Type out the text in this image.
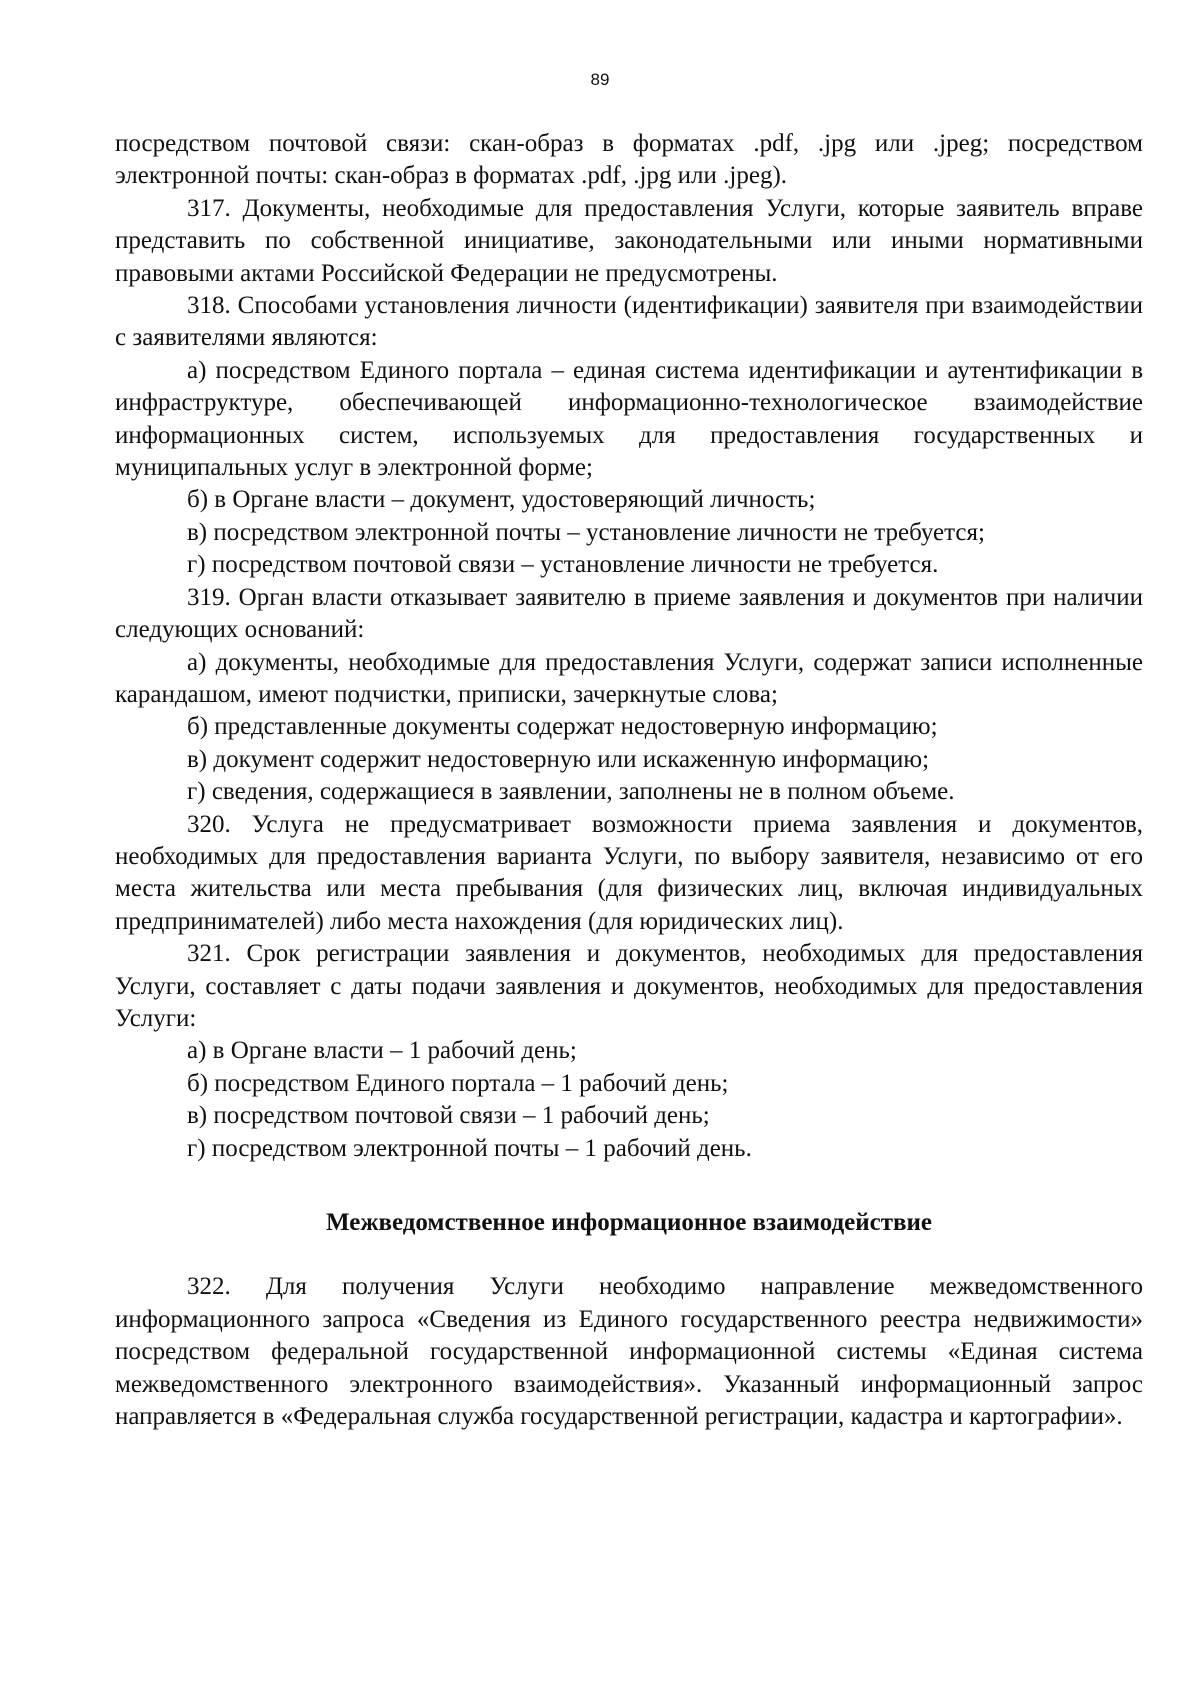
89

посредством почтовой связи: скан-образ в форматах .pdf, .jpg или .jpeg; посредством электронной почты: скан-образ в форматах .pdf, .jpg или .jpeg).

317. Документы, необходимые для предоставления Услуги, которые заявитель вправе представить по собственной инициативе, законодательными или иными нормативными правовыми актами Российской Федерации не предусмотрены.

318. Способами установления личности (идентификации) заявителя при взаимодействии с заявителями являются:

а) посредством Единого портала – единая система идентификации и аутентификации в инфраструктуре, обеспечивающей информационно-технологическое взаимодействие информационных систем, используемых для предоставления государственных и муниципальных услуг в электронной форме;

б) в Органе власти – документ, удостоверяющий личность;

в) посредством электронной почты – установление личности не требуется;

г) посредством почтовой связи – установление личности не требуется.

319. Орган власти отказывает заявителю в приеме заявления и документов при наличии следующих оснований:

а) документы, необходимые для предоставления Услуги, содержат записи исполненные карандашом, имеют подчистки, приписки, зачеркнутые слова;

б) представленные документы содержат недостоверную информацию;

в) документ содержит недостоверную или искаженную информацию;

г) сведения, содержащиеся в заявлении, заполнены не в полном объеме.

320. Услуга не предусматривает возможности приема заявления и документов, необходимых для предоставления варианта Услуги, по выбору заявителя, независимо от его места жительства или места пребывания (для физических лиц, включая индивидуальных предпринимателей) либо места нахождения (для юридических лиц).

321. Срок регистрации заявления и документов, необходимых для предоставления Услуги, составляет с даты подачи заявления и документов, необходимых для предоставления Услуги:

а) в Органе власти – 1 рабочий день;

б) посредством Единого портала – 1 рабочий день;

в) посредством почтовой связи – 1 рабочий день;

г) посредством электронной почты – 1 рабочий день.

Межведомственное информационное взаимодействие

322. Для получения Услуги необходимо направление межведомственного информационного запроса «Сведения из Единого государственного реестра недвижимости» посредством федеральной государственной информационной системы «Единая система межведомственного электронного взаимодействия». Указанный информационный запрос направляется в «Федеральная служба государственной регистрации, кадастра и картографии».
